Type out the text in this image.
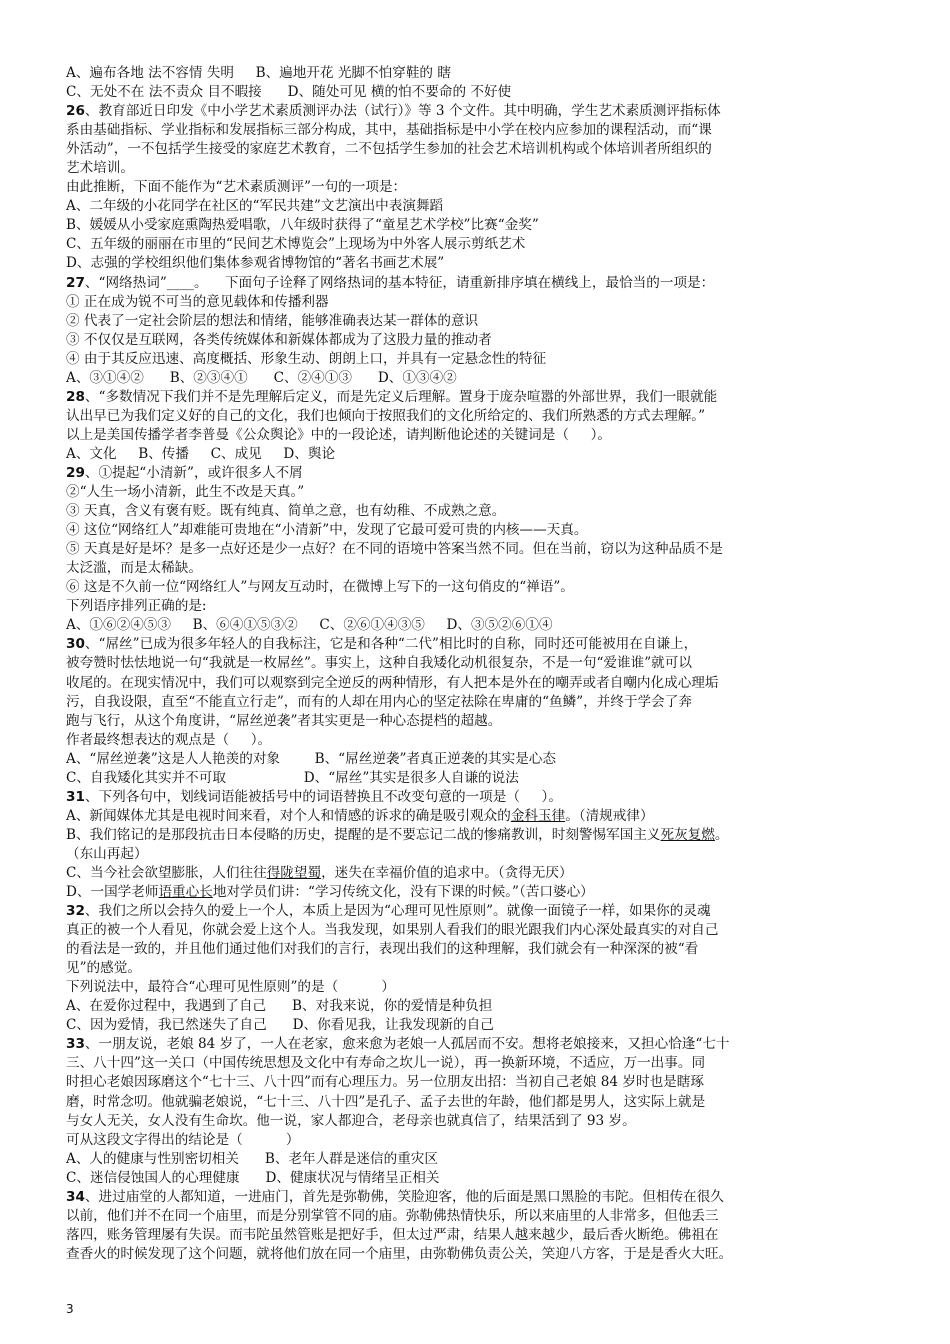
A、遍布各地 法不容情 失明     B、遍地开花 光脚不怕穿鞋的 瞎
C、无处不在 法不责众 目不暇接      D、随处可见 横的怕不要命的 不好使
26、教育部近日印发《中小学艺术素质测评办法（试行）》等 3 个文件。其中明确，学生艺术素质测评指标体
系由基础指标、学业指标和发展指标三部分构成，其中，基础指标是中小学在校内应参加的课程活动，而“课
外活动”，一不包括学生接受的家庭艺术教育，二不包括学生参加的社会艺术培训机构或个体培训者所组织的
艺术培训。
由此推断，下面不能作为“艺术素质测评”一句的一项是：
A、二年级的小花同学在社区的“军民共建”文艺演出中表演舞蹈
B、媛媛从小受家庭熏陶热爱唱歌，八年级时获得了“童星艺术学校”比赛“金奖”
C、五年级的丽丽在市里的“民间艺术博览会”上现场为中外客人展示剪纸艺术
D、志强的学校组织他们集体参观省博物馆的“著名书画艺术展”
27、“网络热词”____。    下面句子诠释了网络热词的基本特征，请重新排序填在横线上，最恰当的一项是：
① 正在成为锐不可当的意见载体和传播利器
② 代表了一定社会阶层的想法和情绪，能够准确表达某一群体的意识
③ 不仅仅是互联网，各类传统媒体和新媒体都成为了这股力量的推动者
④ 由于其反应迅速、高度概括、形象生动、朗朗上口，并具有一定悬念性的特征
A、③①④②      B、②③④①      C、②④①③      D、①③④②
28、“多数情况下我们并不是先理解后定义，而是先定义后理解。置身于庞杂喧嚣的外部世界，我们一眼就能
认出早已为我们定义好的自己的文化，我们也倾向于按照我们的文化所给定的、我们所熟悉的方式去理解。”
以上是美国传播学者李普曼《公众舆论》中的一段论述，请判断他论述的关键词是（     ）。
A、文化     B、传播     C、成见     D、舆论
29、①提起“小清新”，或许很多人不屑
②“人生一场小清新，此生不改是天真。”
③ 天真，含义有褒有贬。既有纯真、简单之意，也有幼稚、不成熟之意。
④ 这位“网络红人”却难能可贵地在“小清新”中，发现了它最可爱可贵的内核——天真。
⑤ 天真是好是坏？是多一点好还是少一点好？在不同的语境中答案当然不同。但在当前，窃以为这种品质不是
太泛滥，而是太稀缺。
⑥ 这是不久前一位“网络红人”与网友互动时，在微博上写下的一这句俏皮的“禅语”。
下列语序排列正确的是:
A、①⑥②④⑤③     B、⑥④①⑤③②     C、②⑥①④③⑤     D、③⑤②⑥①④
30、“屌丝”已成为很多年轻人的自我标注，它是和各种“二代”相比时的自称，同时还可能被用在自谦上，
被夸赞时怯怯地说一句“我就是一枚屌丝”。事实上，这种自我矮化动机很复杂，不是一句“爱谁谁”就可以
收尾的。在现实情况中，我们可以观察到完全逆反的两种情形，有人把本是外在的嘲弄或者自嘲内化成心理垢
污，自我设限，直至“不能直立行走”，而有的人却在用内心的坚定祛除在卑庸的“鱼鳞”，并终于学会了奔
跑与飞行，从这个角度讲，“屌丝逆袭”者其实更是一种心态提档的超越。
作者最终想表达的观点是（     ）。
A、“屌丝逆袭”这是人人艳羡的对象        B、“屌丝逆袭”者真正逆袭的其实是心态
C、自我矮化其实并不可取                  D、“屌丝”其实是很多人自谦的说法
31、下列各句中，划线词语能被括号中的词语替换且不改变句意的一项是（     ）。
A、新闻媒体尤其是电视时间来看，对个人和情感的诉求的确是吸引观众的金科玉律。（清规戒律）
B、我们铭记的是那段抗击日本侵略的历史，提醒的是不要忘记二战的惨痛教训，时刻警惕军国主义死灰复燃。
（东山再起）
C、当今社会欲望膨胀，人们往往得陇望蜀，迷失在幸福价值的追求中。（贪得无厌）
D、一国学老师语重心长地对学员们讲：“学习传统文化，没有下课的时候。”（苦口婆心）
32、我们之所以会持久的爱上一个人，本质上是因为“心理可见性原则”。就像一面镜子一样，如果你的灵魂
真正的被一个人看见，你就会爱上这个人。当我发现，如果别人看我们的眼光跟我们内心深处最真实的对自己
的看法是一致的，并且他们通过他们对我们的言行，表现出我们的这种理解，我们就会有一种深深的被“看
见”的感觉。
下列说法中，最符合“心理可见性原则”的是（          ）
A、在爱你过程中，我遇到了自己      B、对我来说，你的爱情是种负担
C、因为爱情，我已然迷失了自己      D、你看见我，让我发现新的自己
33、一朋友说，老娘 84 岁了，一人在老家，愈来愈为老娘一人孤居而不安。想将老娘接来，又担心恰逢“七十
三、八十四”这一关口（中国传统思想及文化中有寿命之坎儿一说），再一换新环境，不适应，万一出事。同
时担心老娘因琢磨这个“七十三、八十四”而有心理压力。另一位朋友出招：当初自己老娘 84 岁时也是瞎琢
磨，时常念叨。他就骗老娘说，“七十三、八十四”是孔子、孟子去世的年龄，他们都是男人，这实际上就是
与女人无关，女人没有生命坎。他一说，家人都迎合，老母亲也就真信了，结果活到了 93 岁。
可从这段文字得出的结论是（          ）
A、人的健康与性别密切相关      B、老年人群是迷信的重灾区
C、迷信侵蚀国人的心理健康      D、健康状况与情绪呈正相关
34、进过庙堂的人都知道，一进庙门，首先是弥勒佛，笑脸迎客，他的后面是黑口黑脸的韦陀。但相传在很久
以前，他们并不在同一个庙里，而是分别掌管不同的庙。弥勒佛热情快乐，所以来庙里的人非常多，但他丢三
落四，账务管理屡有失误。而韦陀虽然管账是把好手，但太过严肃，结果人越来越少，最后香火断绝。佛祖在
查香火的时候发现了这个问题，就将他们放在同一个庙里，由弥勒佛负责公关，笑迎八方客，于是是香火大旺。
3
